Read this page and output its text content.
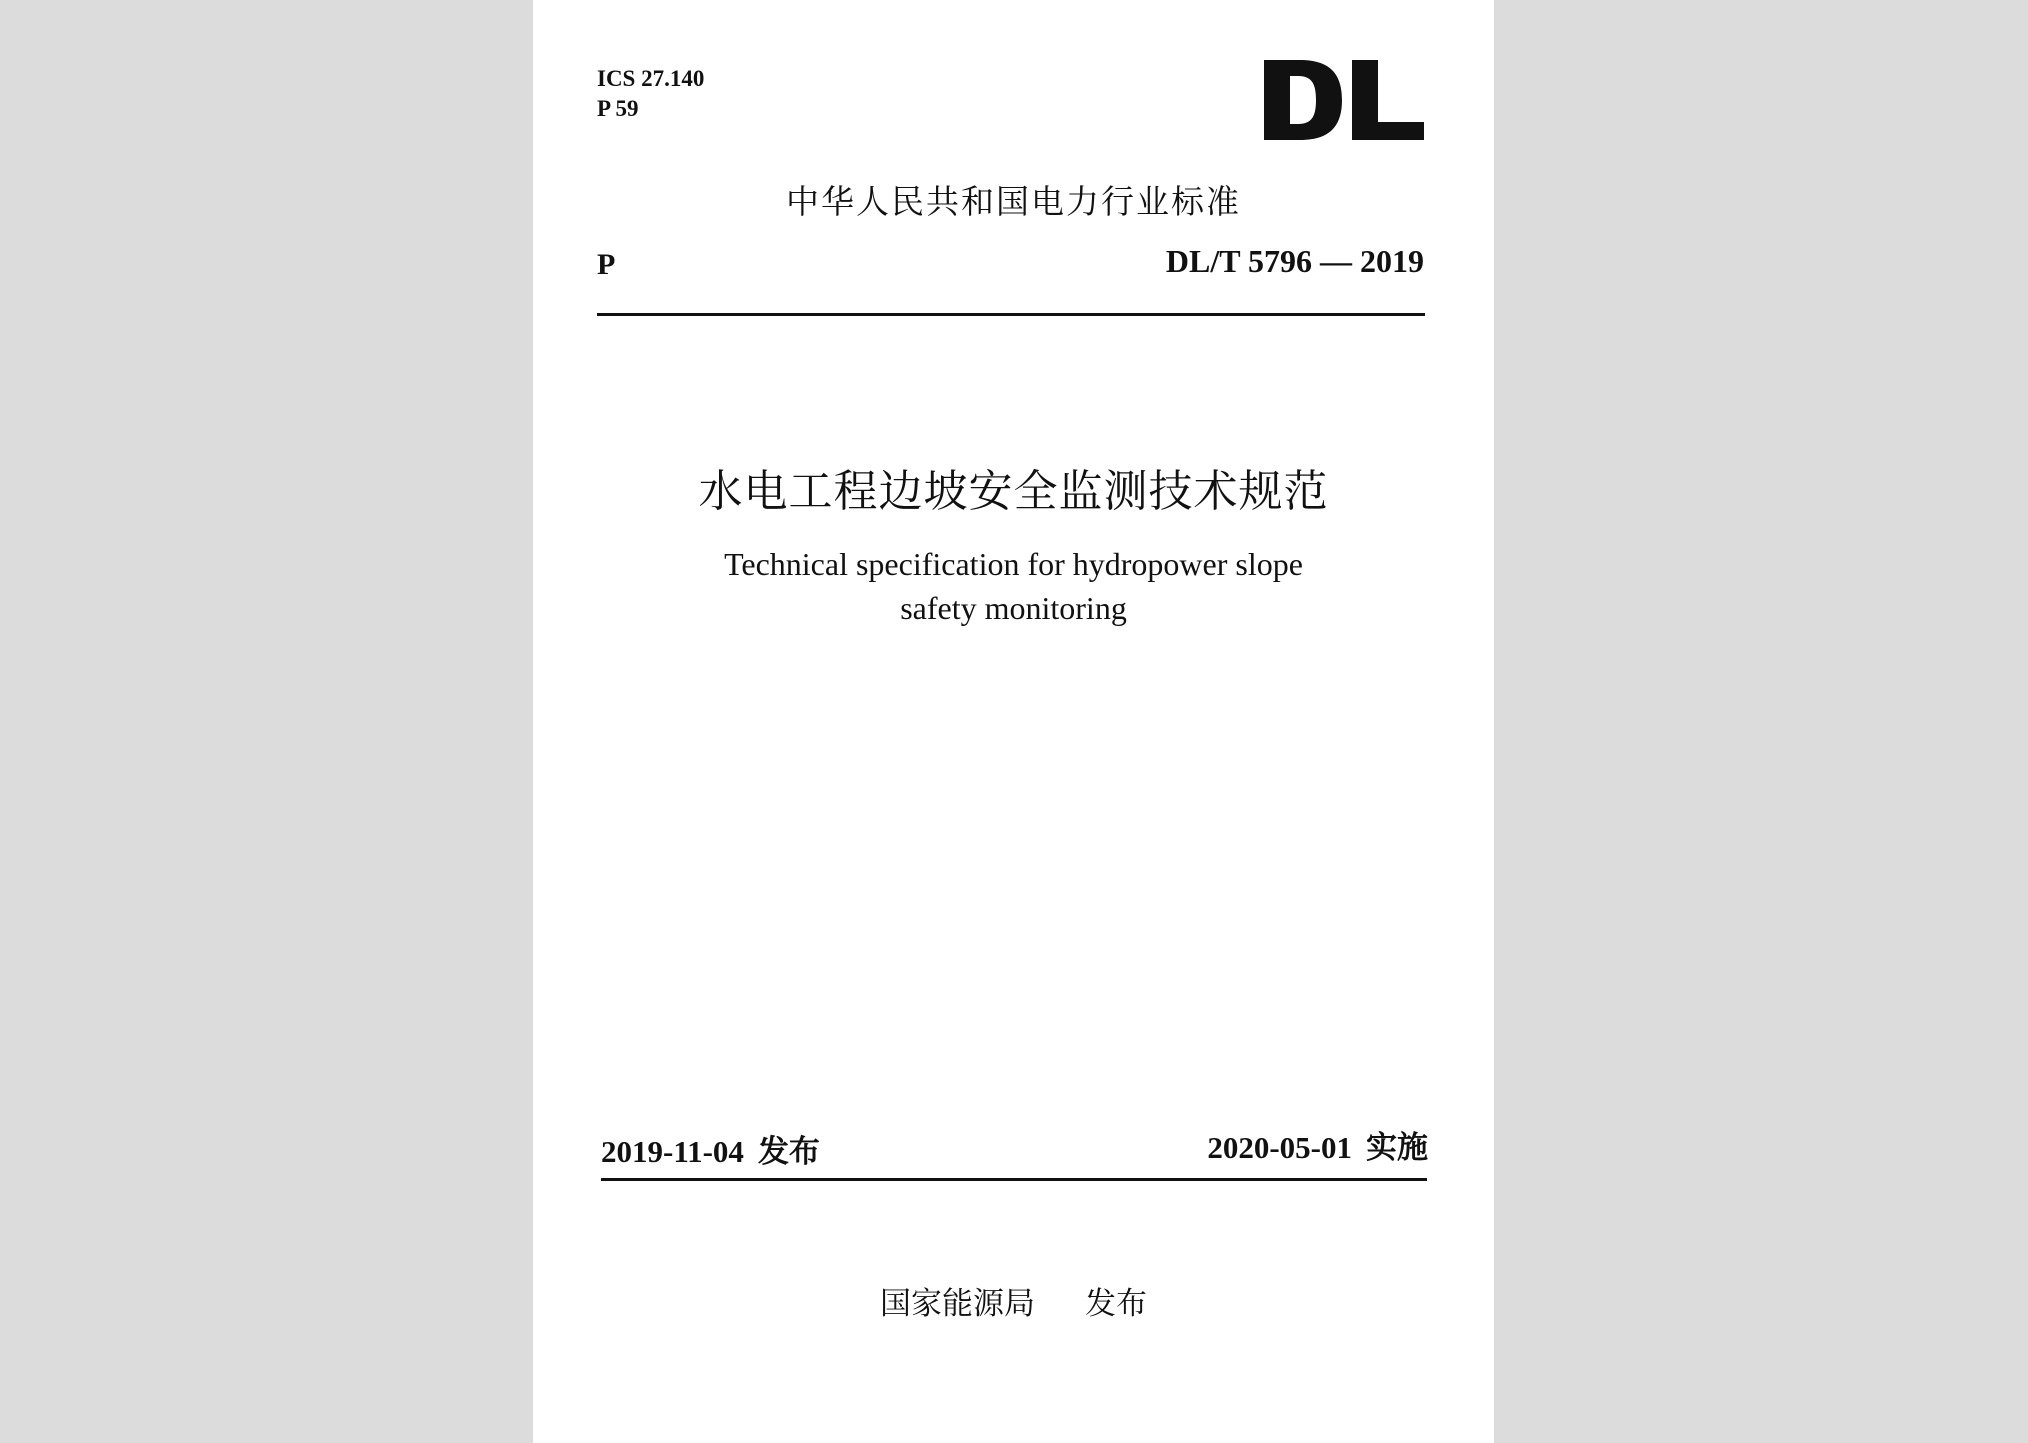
ICS 27.140
P 59
中华人民共和国电力行业标准
P	DL/T 5796 — 2019
水电工程边坡安全监测技术规范
Technical specification for hydropower slope
safety monitoring
2019-11-04 发布	2020-05-01 实施
国家能源局 发布
